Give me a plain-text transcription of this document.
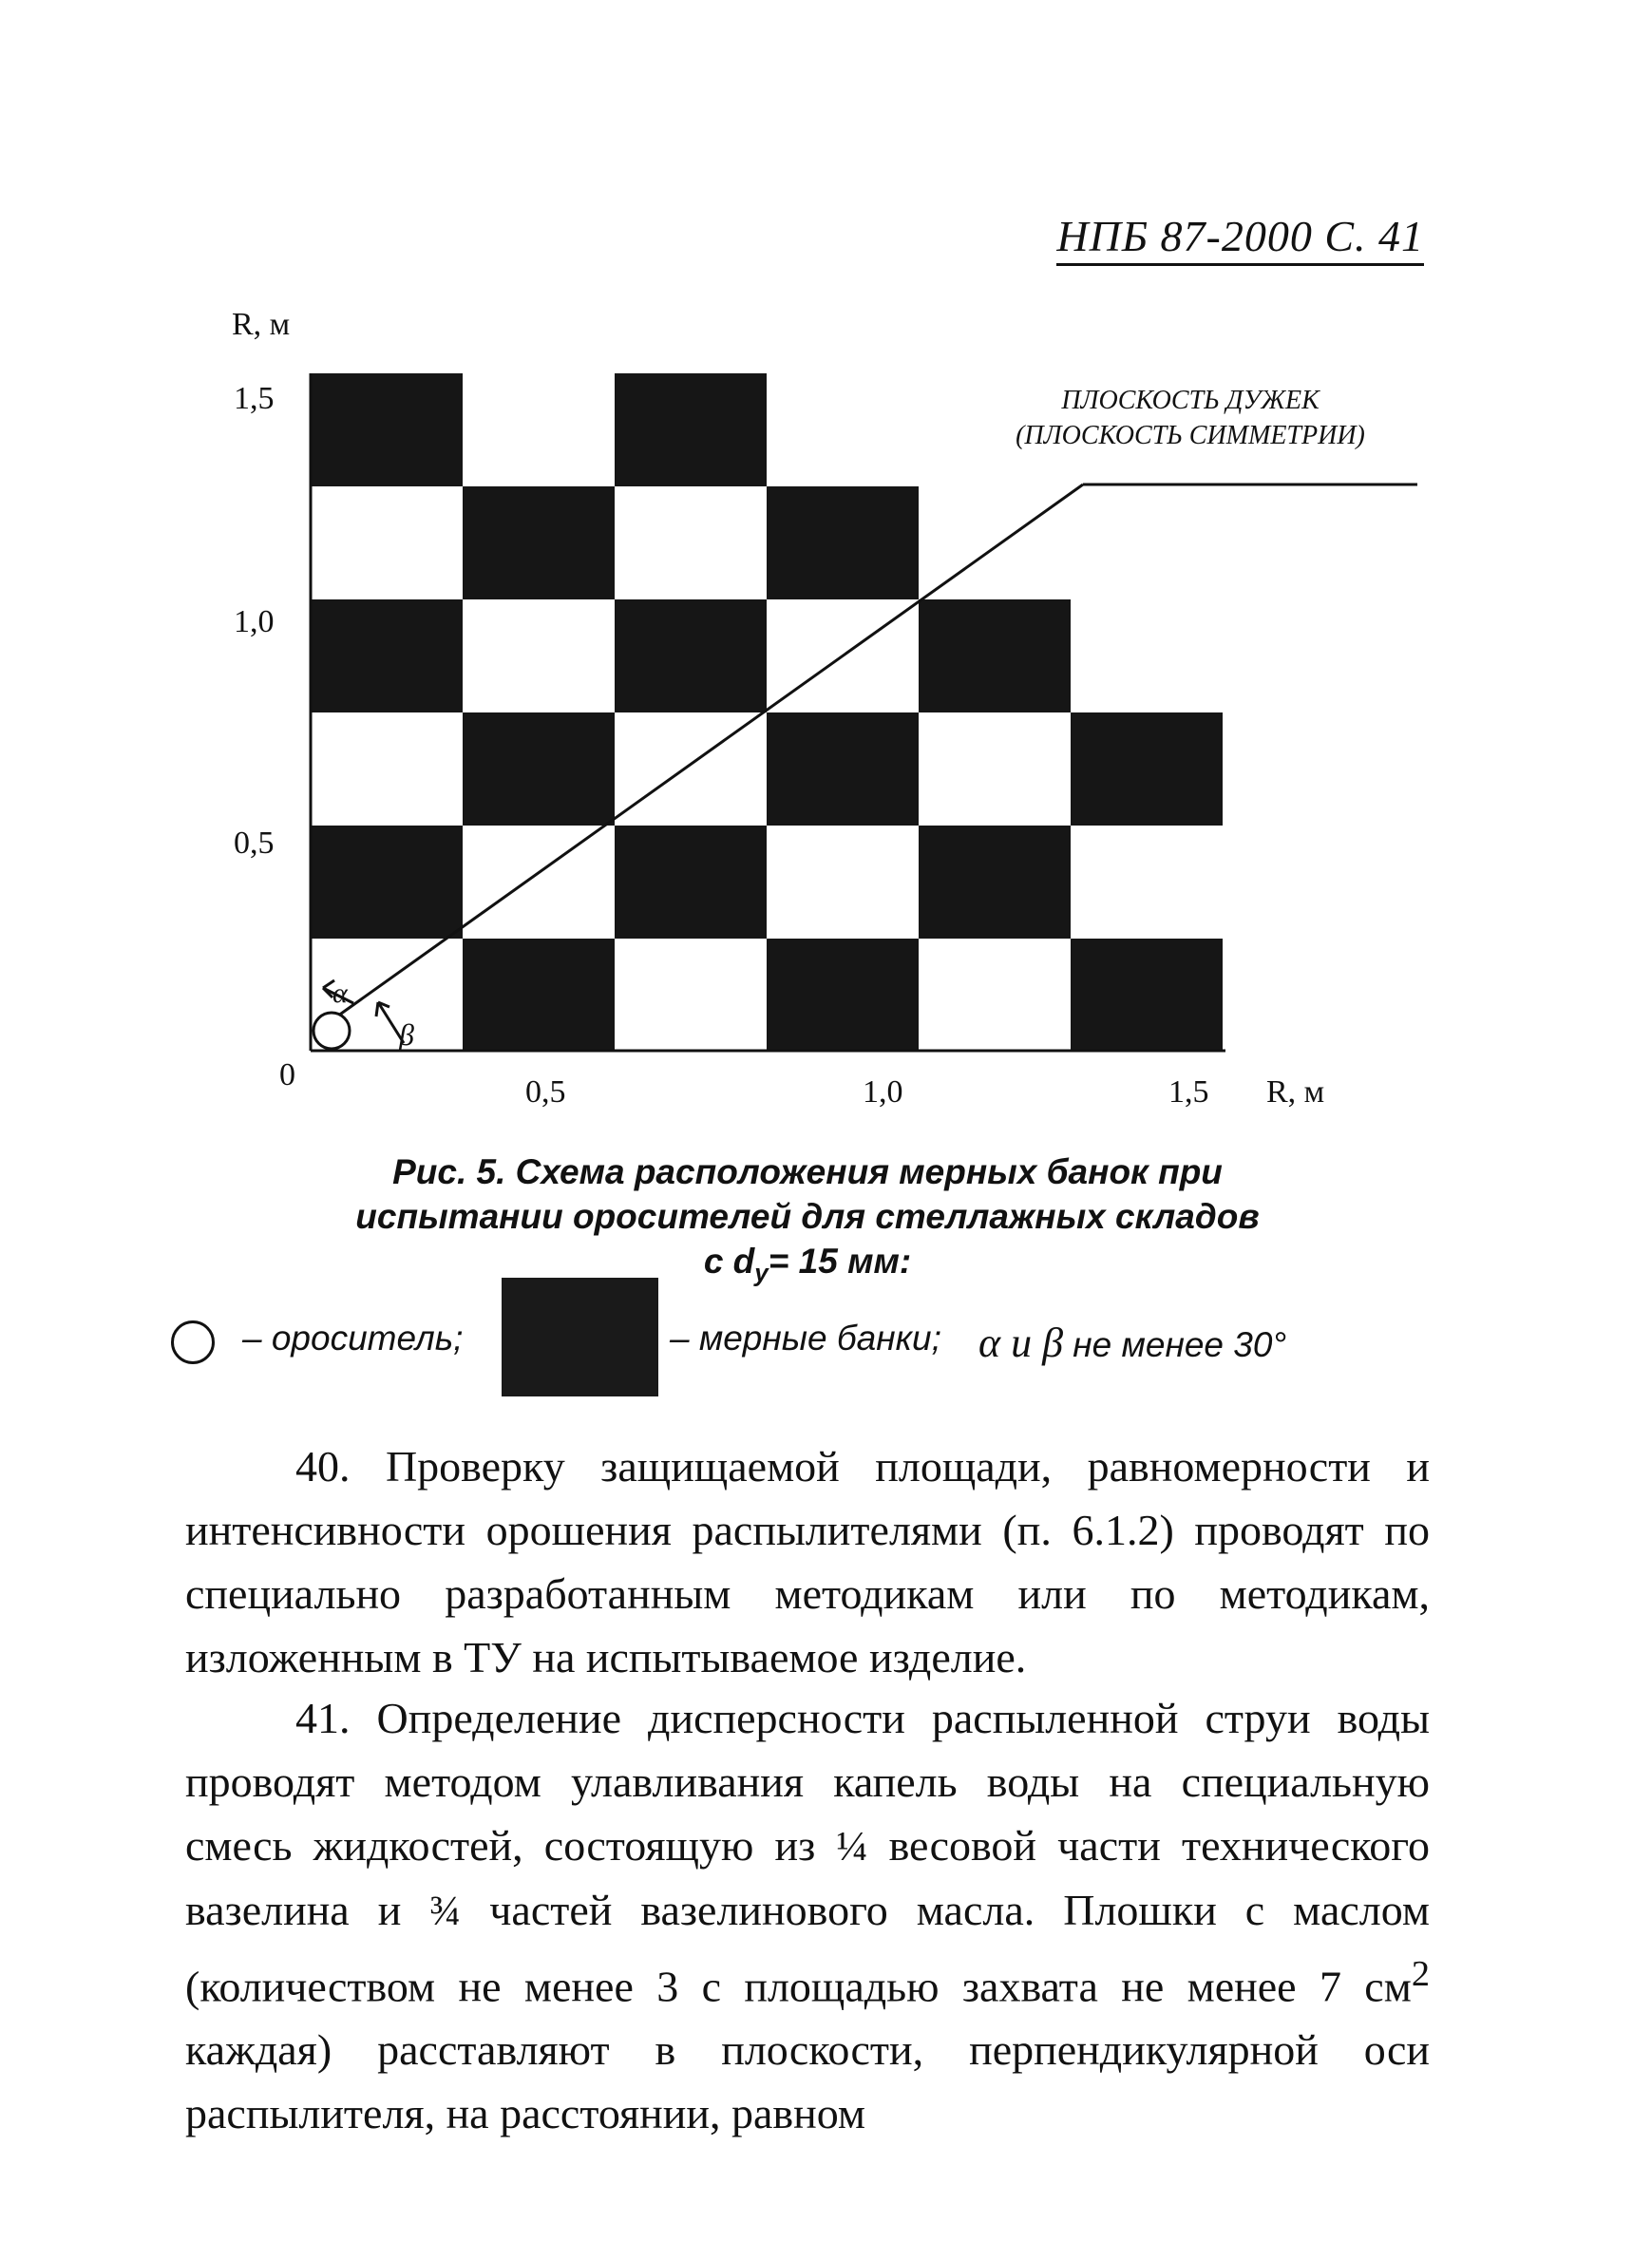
НПБ 87-2000 С. 41
α
β
R, м
1,5
1,0
0,5
0	0,5	1,0	1,5 R, м
ПЛОСКОСТЬ ДУЖЕК
(ПЛОСКОСТЬ СИММЕТРИИ)
Рис. 5. Схема расположения мерных банок при
испытании оросителей для стеллажных складов
с $d_у= 15$ мм:
– ороситель;	– мерные банки; α и β не менее 30°
40. Проверку защищаемой площади, равномерности и интенсивности орошения распылителями (п. 6.1.2) проводят по специально разработанным методикам или по методикам, изложенным в ТУ на испытываемое изделие.
41. Определение дисперсности распыленной струи воды проводят методом улавливания капель воды на специальную смесь жидкостей, состоящую из ¼ весовой части технического вазелина и ¾ частей вазелинового масла. Плошки с маслом (количеством не менее 3 с площадью захвата не менее 7 $см^2$ каждая) расставляют в плоскости, перпендикулярной оси распылителя, на расстоянии, равном
